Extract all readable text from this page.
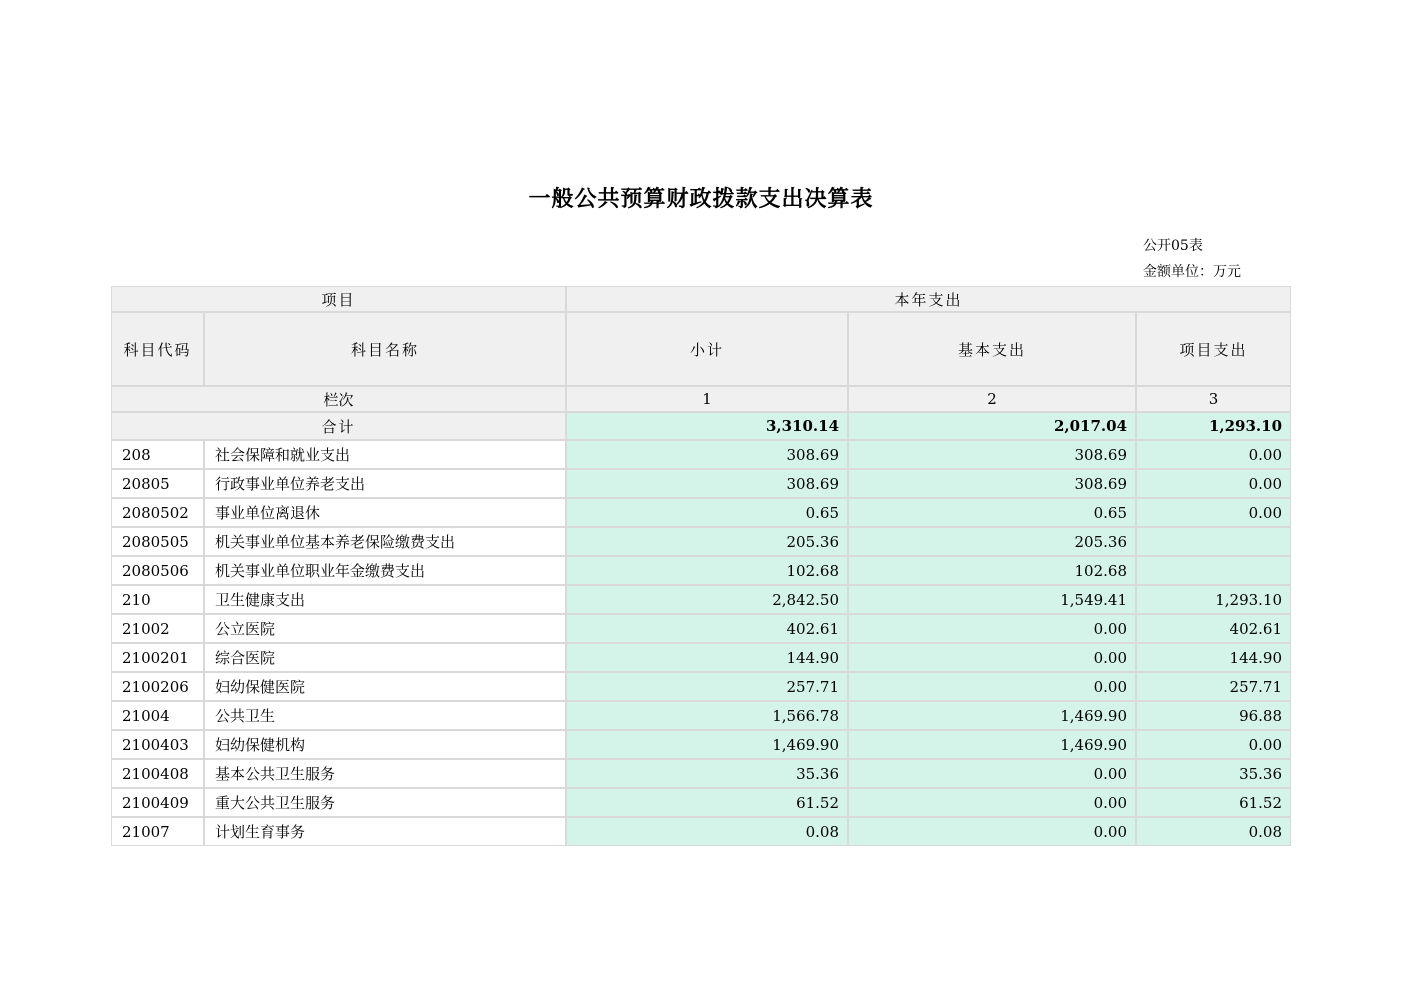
一般公共预算财政拨款支出决算表
公开05表
金额单位：万元
项目		本年支出		
科目代码	科目名称	小计	基本支出	项目支出
栏次		1	2	3
合计		3,310.14	2,017.04	1,293.10
208	社会保障和就业支出	308.69	308.69	0.00
20805	行政事业单位养老支出	308.69	308.69	0.00
2080502	事业单位离退休	0.65	0.65	0.00
2080505	机关事业单位基本养老保险缴费支出	205.36	205.36	
2080506	机关事业单位职业年金缴费支出	102.68	102.68	
210	卫生健康支出	2,842.50	1,549.41	1,293.10
21002	公立医院	402.61	0.00	402.61
2100201	综合医院	144.90	0.00	144.90
2100206	妇幼保健医院	257.71	0.00	257.71
21004	公共卫生	1,566.78	1,469.90	96.88
2100403	妇幼保健机构	1,469.90	1,469.90	0.00
2100408	基本公共卫生服务	35.36	0.00	35.36
2100409	重大公共卫生服务	61.52	0.00	61.52
21007	计划生育事务	0.08	0.00	0.08
